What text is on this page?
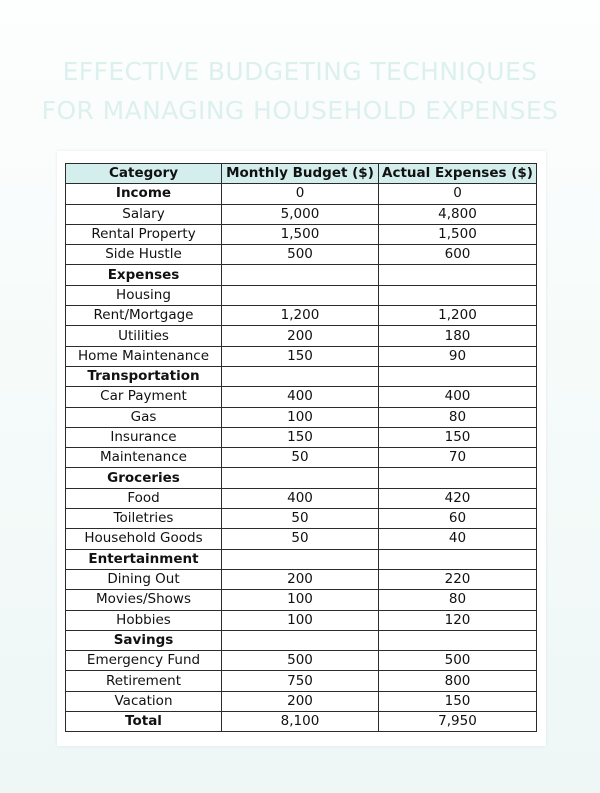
EFFECTIVE BUDGETING TECHNIQUES
FOR MANAGING HOUSEHOLD EXPENSES
Category	Monthly Budget ($)	Actual Expenses ($)
Income	0	0
Salary	5,000	4,800
Rental Property	1,500	1,500
Side Hustle	500	600
Expenses		
Housing		
Rent/Mortgage	1,200	1,200
Utilities	200	180
Home Maintenance	150	90
Transportation		
Car Payment	400	400
Gas	100	80
Insurance	150	150
Maintenance	50	70
Groceries		
Food	400	420
Toiletries	50	60
Household Goods	50	40
Entertainment		
Dining Out	200	220
Movies/Shows	100	80
Hobbies	100	120
Savings		
Emergency Fund	500	500
Retirement	750	800
Vacation	200	150
Total	8,100	7,950
